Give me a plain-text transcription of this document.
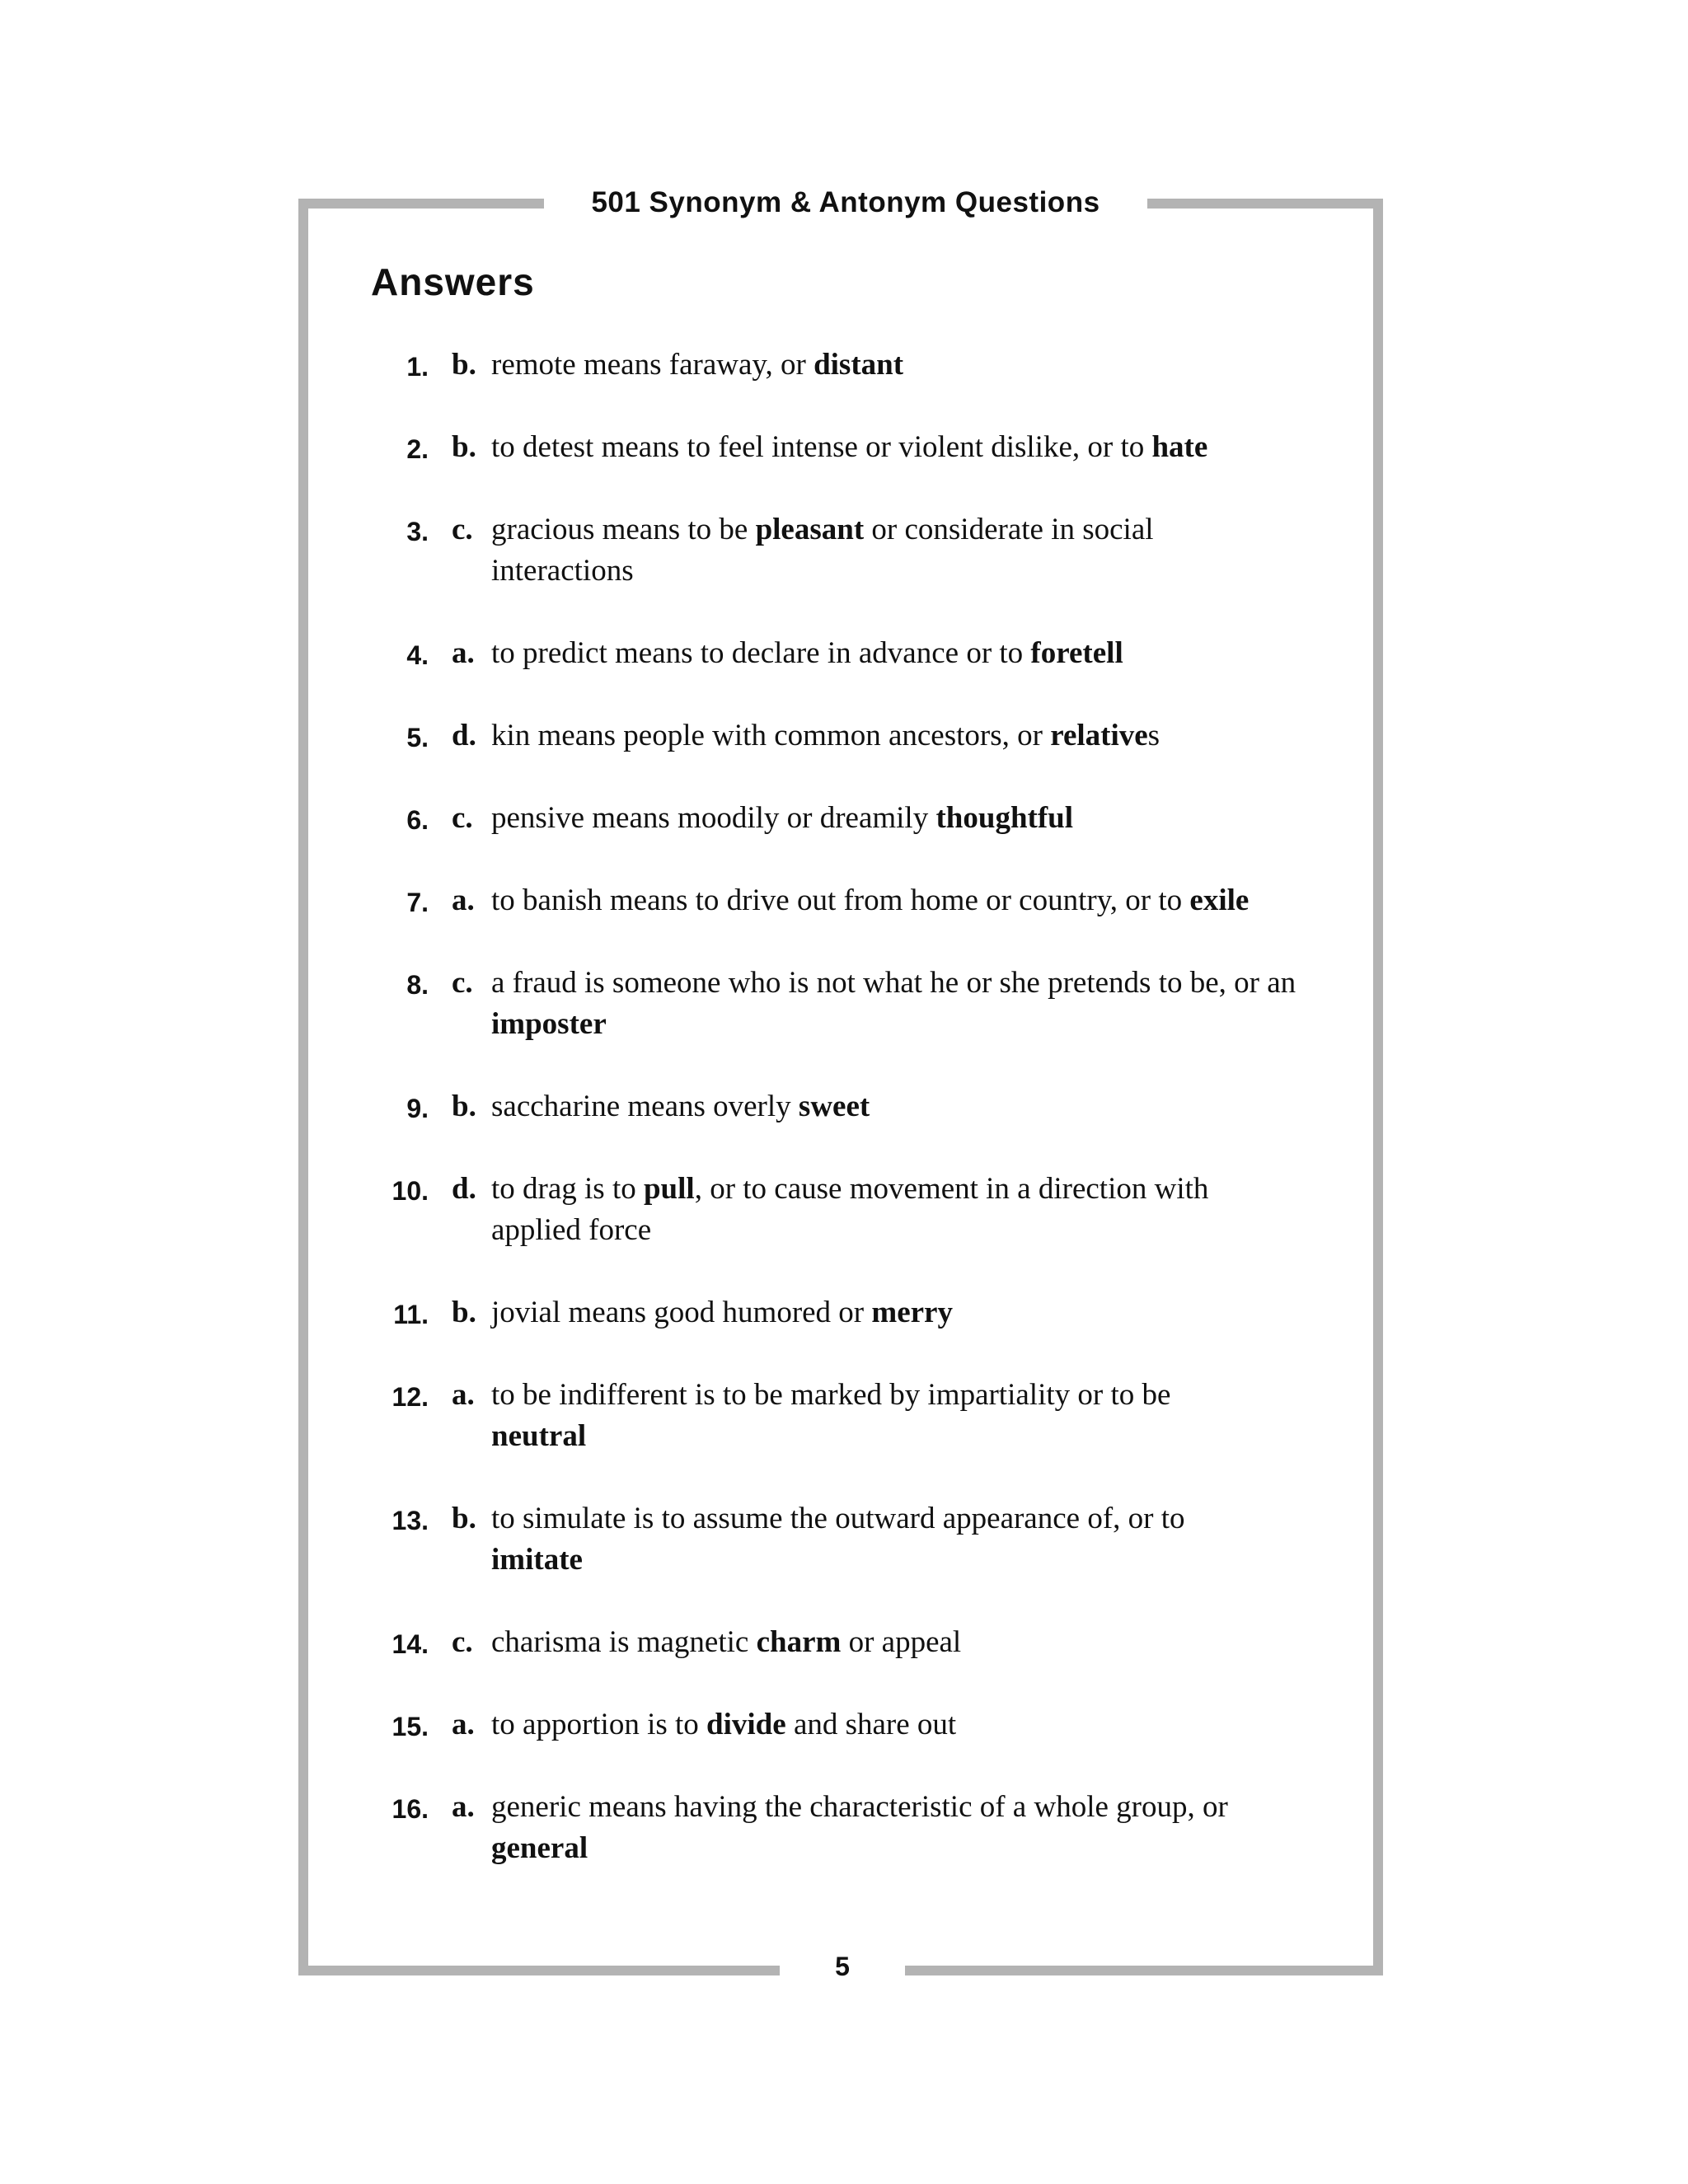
501 Synonym & Antonym Questions
Answers
1. b. remote means faraway, or distant
2. b. to detest means to feel intense or violent dislike, or to hate
3. c. gracious means to be pleasant or considerate in social interactions
4. a. to predict means to declare in advance or to foretell
5. d. kin means people with common ancestors, or relatives
6. c. pensive means moodily or dreamily thoughtful
7. a. to banish means to drive out from home or country, or to exile
8. c. a fraud is someone who is not what he or she pretends to be, or an imposter
9. b. saccharine means overly sweet
10. d. to drag is to pull, or to cause movement in a direction with applied force
11. b. jovial means good humored or merry
12. a. to be indifferent is to be marked by impartiality or to be neutral
13. b. to simulate is to assume the outward appearance of, or to imitate
14. c. charisma is magnetic charm or appeal
15. a. to apportion is to divide and share out
16. a. generic means having the characteristic of a whole group, or general
5
